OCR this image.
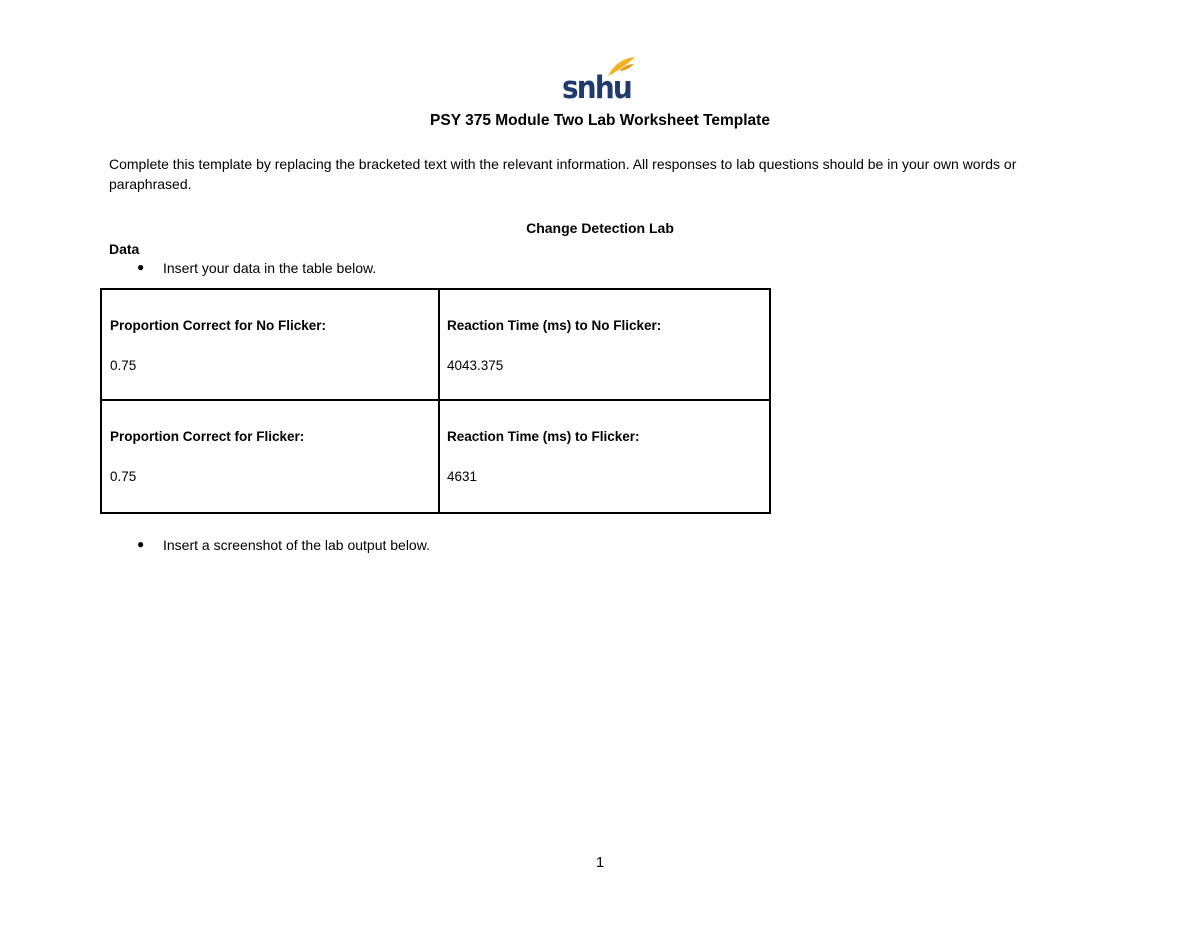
snhu
PSY 375 Module Two Lab Worksheet Template
Complete this template by replacing the bracketed text with the relevant information. All responses to lab questions should be in your own words or paraphrased.
Change Detection Lab
Data
● Insert your data in the table below.
Proportion Correct for No Flicker:
0.75
Reaction Time (ms) to No Flicker:
4043.375
Proportion Correct for Flicker:
0.75
Reaction Time (ms) to Flicker:
4631
● Insert a screenshot of the lab output below.
1
